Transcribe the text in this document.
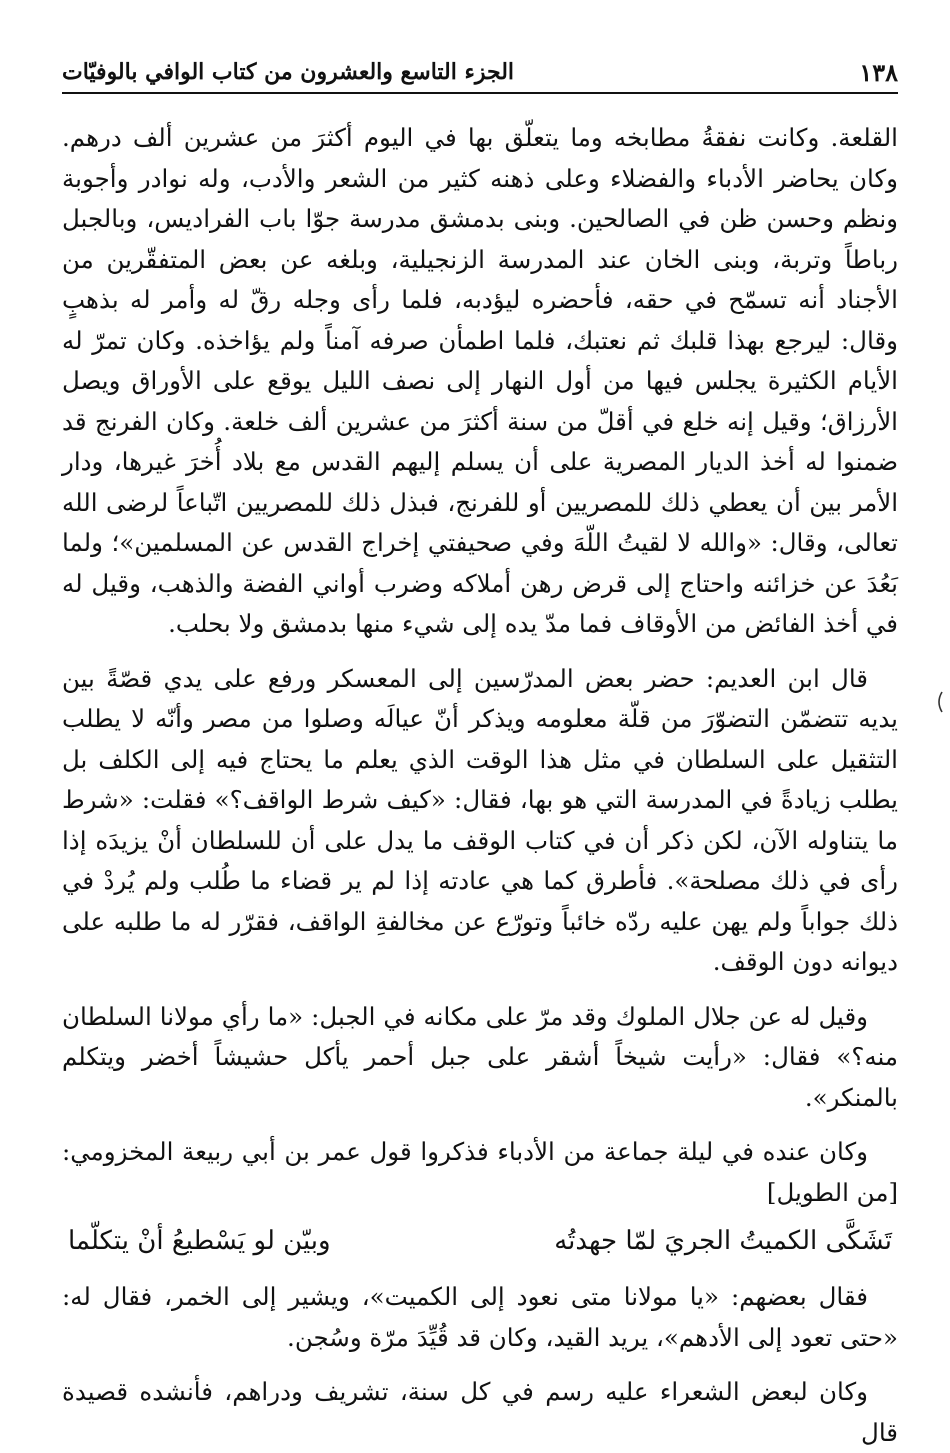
١٣٨
الجزء التاسع والعشرون من كتاب الوافي بالوفيّات

القلعة. وكانت نفقةُ مطابخه وما يتعلّق بها في اليوم أكثرَ من عشرين ألف درهم. وكان يحاضر الأدباء والفضلاء وعلى ذهنه كثير من الشعر والأدب، وله نوادر وأجوبة ونظم وحسن ظن في الصالحين. وبنى بدمشق مدرسة جوّا باب الفراديس، وبالجبل رباطاً وتربة، وبنى الخان عند المدرسة الزنجيلية، وبلغه عن بعض المتفقّرين من الأجناد أنه تسمّح في حقه، فأحضره ليؤدبه، فلما رأى وجله رقّ له وأمر له بذهبٍ وقال: ليرجع بهذا قلبك ثم نعتبك، فلما اطمأن صرفه آمناً ولم يؤاخذه. وكان تمرّ له الأيام الكثيرة يجلس فيها من أول النهار إلى نصف الليل يوقع على الأوراق ويصل الأرزاق؛ وقيل إنه خلع في أقلّ من سنة أكثرَ من عشرين ألف خلعة. وكان الفرنج قد ضمنوا له أخذ الديار المصرية على أن يسلم إليهم القدس مع بلاد أُخرَ غيرها، ودار الأمر بين أن يعطي ذلك للمصريين أو للفرنج، فبذل ذلك للمصريين اتّباعاً لرضى الله تعالى، وقال: «والله لا لقيتُ اللّهَ وفي صحيفتي إخراج القدس عن المسلمين»؛ ولما بَعُدَ عن خزائنه واحتاج إلى قرض رهن أملاكه وضرب أواني الفضة والذهب، وقيل له في أخذ الفائض من الأوقاف فما مدّ يده إلى شيء منها بدمشق ولا بحلب.

قال ابن العديم: حضر بعض المدرّسين إلى المعسكر ورفع على يدي قصّةً بين يديه تتضمّن التضوّرَ من قلّة معلومه ويذكر أنّ عيالَه وصلوا من مصر وأنّه لا يطلب التثقيل على السلطان في مثل هذا الوقت الذي يعلم ما يحتاج فيه إلى الكلف بل يطلب زيادةً في المدرسة التي هو بها، فقال: «كيف شرط الواقف؟» فقلت: «شرط ما يتناوله الآن، لكن ذكر أن في كتاب الوقف ما يدل على أن للسلطان أنْ يزيدَه إذا رأى في ذلك مصلحة». فأطرق كما هي عادته إذا لم ير قضاء ما طُلب ولم يُردْ في ذلك جواباً ولم يهن عليه ردّه خائباً وتورّع عن مخالفةِ الواقف، فقرّر له ما طلبه على ديوانه دون الوقف.

وقيل له عن جلال الملوك وقد مرّ على مكانه في الجبل: «ما رأي مولانا السلطان منه؟» فقال: «رأيت شيخاً أشقر على جبل أحمر يأكل حشيشاً أخضر ويتكلم بالمنكر».

وكان عنده في ليلة جماعة من الأدباء فذكروا قول عمر بن أبي ربيعة المخزومي: [من الطويل]

تَشَكَّى الكميتُ الجريَ لمّا جهدتُه
وبيّن لو يَسْطيعُ أنْ يتكلّما

فقال بعضهم: «يا مولانا متى نعود إلى الكميت»، ويشير إلى الخمر، فقال له: «حتى تعود إلى الأدهم»، يريد القيد، وكان قد قُيِّدَ مرّة وسُجن.

وكان لبعض الشعراء عليه رسم في كل سنة، تشريف ودراهم، فأنشده قصيدة قال
